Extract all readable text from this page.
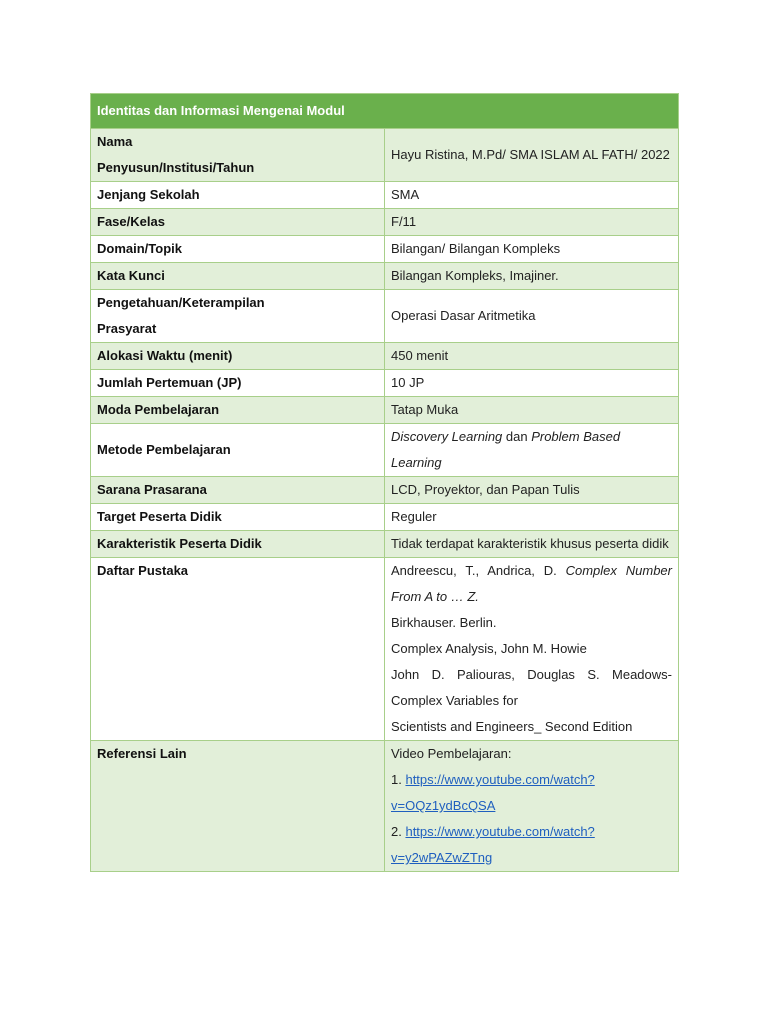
Identitas dan Informasi Mengenai Modul	

Nama
Penyusun/Institusi/Tahun	Hayu Ristina, M.Pd/ SMA ISLAM AL FATH/ 2022
Jenjang Sekolah	SMA
Fase/Kelas	F/11
Domain/Topik	Bilangan/ Bilangan Kompleks
Kata Kunci	Bilangan Kompleks, Imajiner.

Pengetahuan/Keterampilan
Prasyarat	Operasi Dasar Aritmetika
Alokasi Waktu (menit)	450 menit
Jumlah Pertemuan (JP)	10 JP
Moda Pembelajaran	Tatap Muka
Metode Pembelajaran	Discovery Learning dan Problem Based Learning
Sarana Prasarana	LCD, Proyektor, dan Papan Tulis
Target Peserta Didik	Reguler
Karakteristik Peserta Didik	Tidak terdapat karakteristik khusus peserta didik
Daftar Pustaka	Andreescu, T., Andrica, D. Complex Number From A to … Z.
Birkhauser. Berlin.
Complex Analysis, John M. Howie
John D. Paliouras, Douglas S. Meadows-Complex Variables for
Scientists and Engineers_ Second Edition

Referensi Lain	Video Pembelajaran:
1. https://www.youtube.com/watch?v=OQz1ydBcQSA
2. https://www.youtube.com/watch?v=y2wPAZwZTng
